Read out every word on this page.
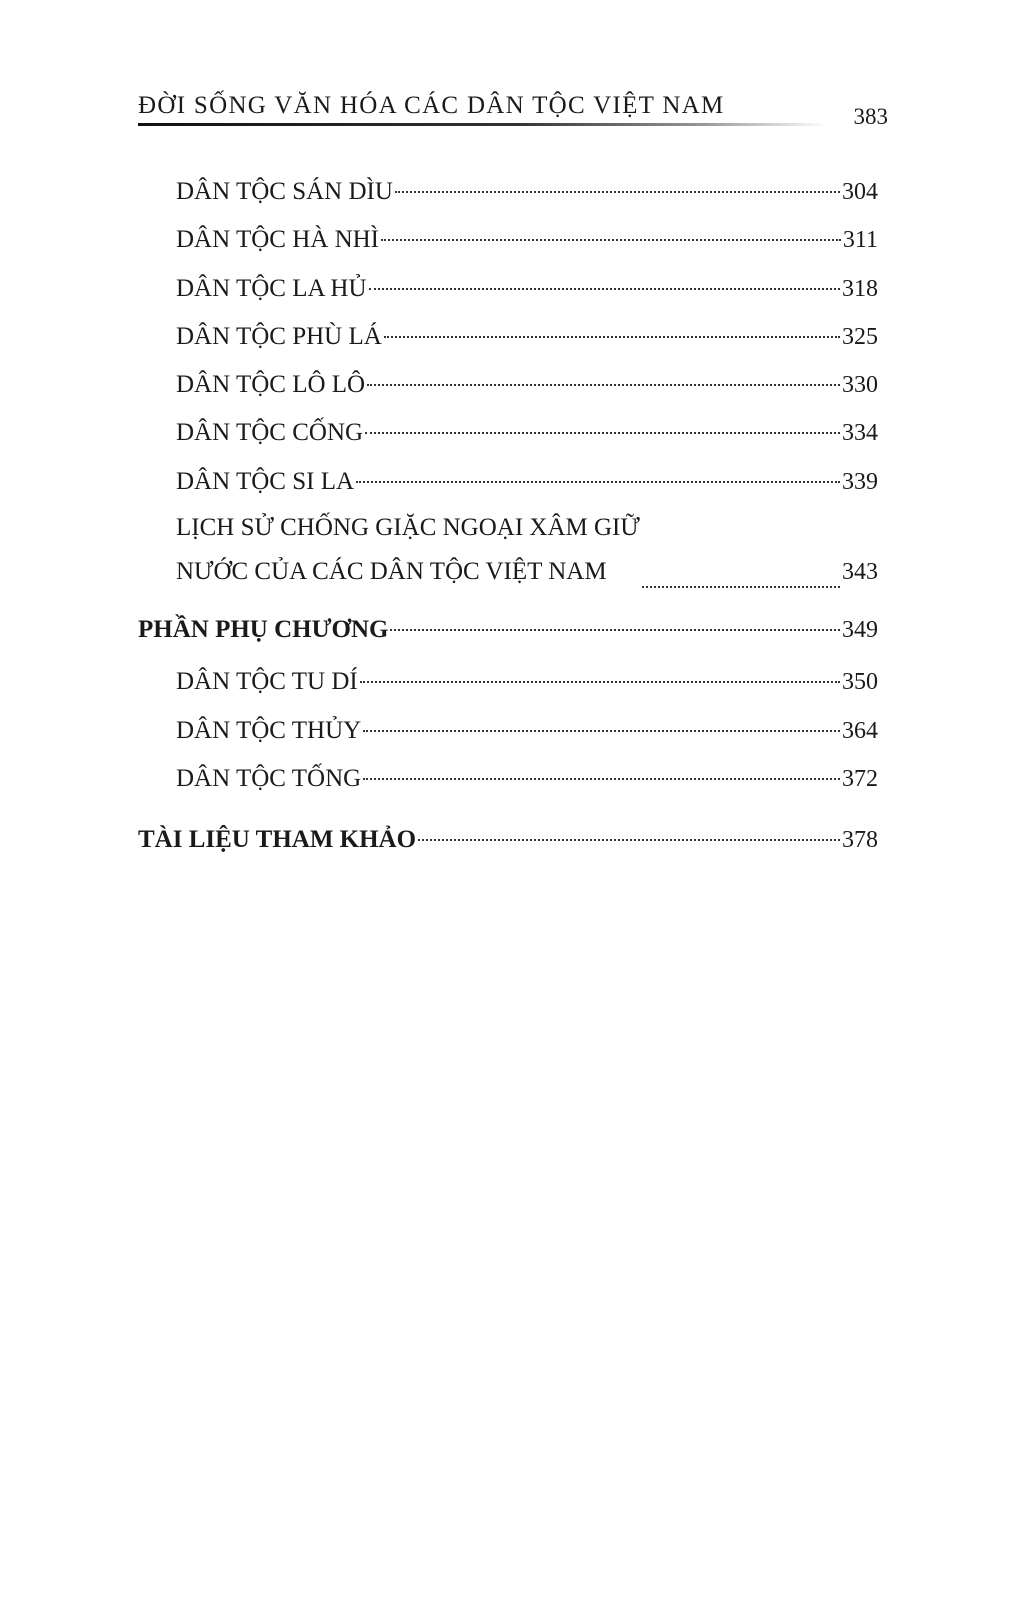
ĐỜI SỐNG VĂN HÓA CÁC DÂN TỘC VIỆT NAM	383
DÂN TỘC SÁN DÌU	304
DÂN TỘC HÀ NHÌ	311
DÂN TỘC LA HỦ	318
DÂN TỘC PHÙ LÁ	325
DÂN TỘC LÔ LÔ	330
DÂN TỘC CỐNG	334
DÂN TỘC SI LA	339
LỊCH SỬ CHỐNG GIẶC NGOẠI XÂM GIỮ
NƯỚC CỦA CÁC DÂN TỘC VIỆT NAM	343
PHẦN PHỤ CHƯƠNG	349
DÂN TỘC TU DÍ	350
DÂN TỘC THỦY	364
DÂN TỘC TỐNG	372
TÀI LIỆU THAM KHẢO	378
